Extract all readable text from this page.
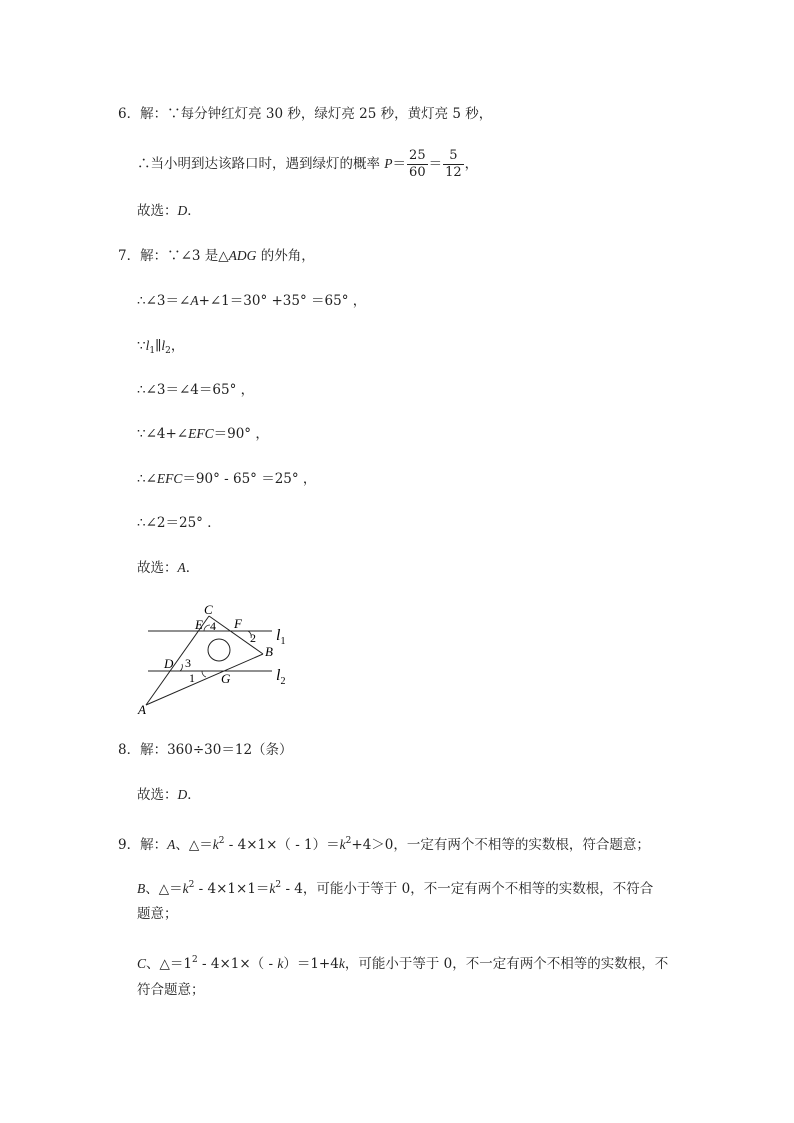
6．解：∵每分钟红灯亮 30 秒，绿灯亮 25 秒，黄灯亮 5 秒，
∴当小明到达该路口时，遇到绿灯的概率 $P= \frac{25}{60} = \frac{5}{12}$ ，
故选：D．
7．解：∵∠3 是△ADG 的外角，
∴∠3＝∠A+∠1＝30° +35° ＝65° ，
$\because l_1\parallel l_2$，
∴∠3＝∠4＝65° ，
∵∠4+∠EFC＝90° ，
∴∠EFC＝90° ‐ 65° ＝25° ，
∴∠2＝25° ．
故选：A．
C
E 4 F
2 $l_1$
B
D 3
1 G	$l_2$
A
8．解：360÷30＝12（条）
故选：D．
9．解：A、$\triangle=k^2$ ‐ 4×1×（ ‐ $1)=k^2+4>0$，一定有两个不相等的实数根，符合题意；
B、$\triangle=k^2$ ‐ $4\times 1\times 1=k^2$ ‐ 4，可能小于等于 0，不一定有两个不相等的实数根，不符合
题意；
C、$\triangle=1^2$ ‐ 4×1×（ ‐ k）＝1+4k，可能小于等于 0，不一定有两个不相等的实数根，不
符合题意；
